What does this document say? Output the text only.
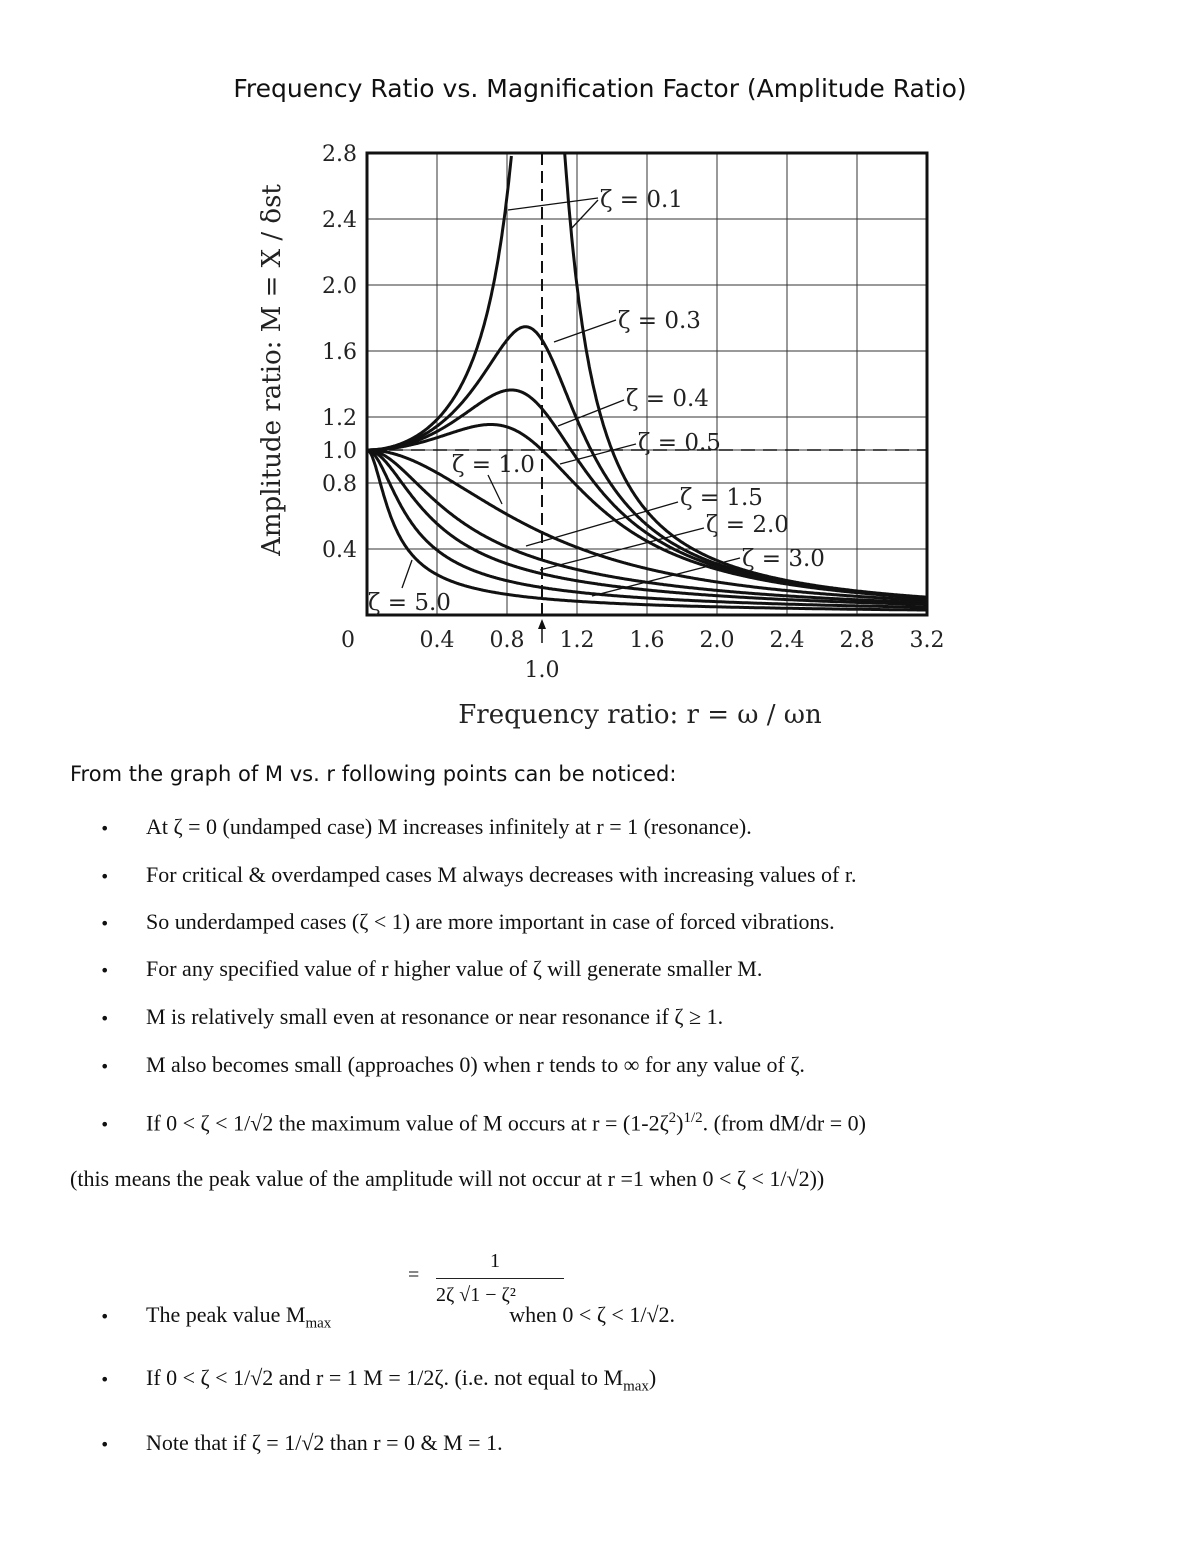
Frequency Ratio vs. Magnification Factor (Amplitude Ratio)
0	0.4 0.8 1.2 1.6 2.0 2.4 2.8 3.2
1.0
0.4
0.8
1.0
1.2
1.6
2.0
2.4
2.8
ζ = 0.1
ζ = 0.3
ζ = 0.4
ζ = 0.5
ζ = 1.0
ζ = 1.5
ζ = 2.0
ζ = 3.0
ζ = 5.0
Amplitude ratio: M = X / δst
Frequency ratio: r = ω / ωn
From the graph of M vs. r following points can be noticed:
• At ζ = 0 (undamped case) M increases infinitely at r = 1 (resonance).
• For critical & overdamped cases M always decreases with increasing values of r.
• So underdamped cases (ζ < 1) are more important in case of forced vibrations.
• For any specified value of r higher value of ζ will generate smaller M.
• M is relatively small even at resonance or near resonance if ζ ≥ 1.
• M also becomes small (approaches 0) when r tends to ∞ for any value of ζ.
• If 0 < ζ < 1/√2 the maximum value of M occurs at $r = (1-2\zeta^2)^{1/2}$. (from dM/dr = 0)
(this means the peak value of the amplitude will not occur at r =1 when 0 < ζ < 1/√2))
=
1
2ζ √1 − ζ²
• The peak value $M_{max}$	when 0 < ζ < 1/√2.
• If 0 < ζ < 1/√2 and r = 1 M = 1/2ζ. (i.e. not equal to $M_{max}$)
• Note that if ζ = 1/√2 than r = 0 & M = 1.
